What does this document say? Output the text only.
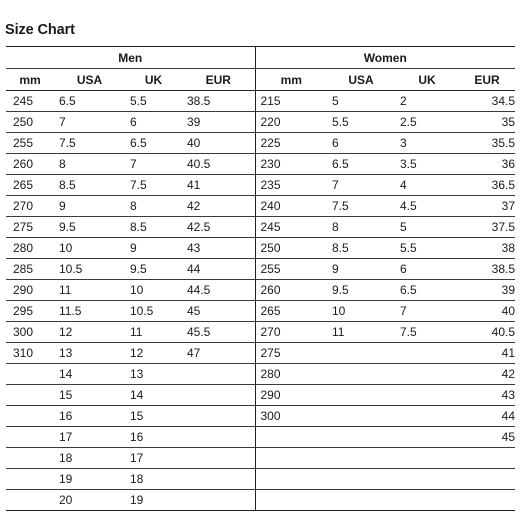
Size Chart
Men				Women			
mm	USA	UK	EUR	mm	USA	UK	EUR
245	6.5	5.5	38.5	215	5	2	34.5
250	7	6	39	220	5.5	2.5	35
255	7.5	6.5	40	225	6	3	35.5
260	8	7	40.5	230	6.5	3.5	36
265	8.5	7.5	41	235	7	4	36.5
270	9	8	42	240	7.5	4.5	37
275	9.5	8.5	42.5	245	8	5	37.5
280	10	9	43	250	8.5	5.5	38
285	10.5	9.5	44	255	9	6	38.5
290	11	10	44.5	260	9.5	6.5	39
295	11.5	10.5	45	265	10	7	40
300	12	11	45.5	270	11	7.5	40.5
310	13	12	47	275			41
	14	13		280			42
	15	14		290			43
	16	15		300			44
	17	16					45
	18	17					
	19	18					
	20	19					
